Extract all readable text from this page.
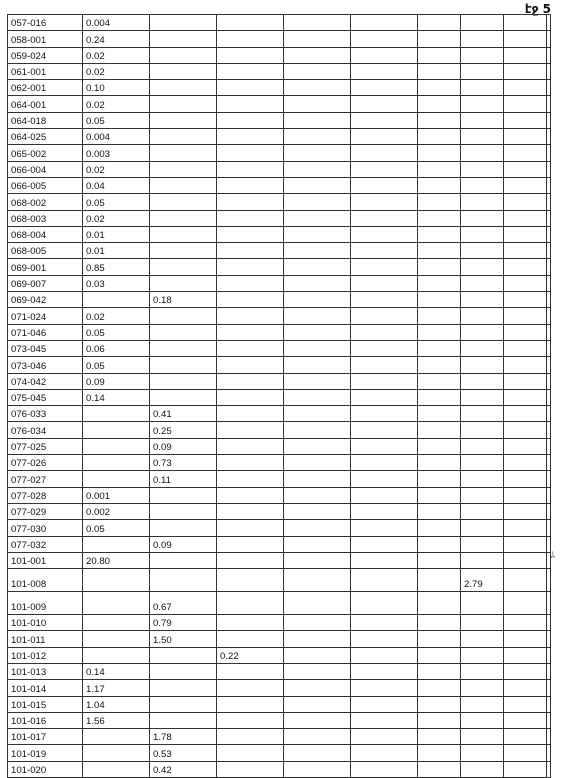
էջ 5
057-016	0.004								
058-001	0.24								
059-024	0.02								
061-001	0.02								
062-001	0.10								
064-001	0.02								
064-018	0.05								
064-025	0.004								
065-002	0.003								
066-004	0.02								
066-005	0.04								
068-002	0.05								
068-003	0.02								
068-004	0.01								
068-005	0.01								
069-001	0.85								
069-007	0.03								
069-042		0.18							
071-024	0.02								
071-046	0.05								
073-045	0.06								
073-046	0.05								
074-042	0.09								
075-045	0.14								
076-033		0.41							
076-034		0.25							
077-025		0.09							
077-026		0.73							
077-027		0.11							
077-028	0.001								
077-029	0.002								
077-030	0.05								
077-032		0.09							
101-001	20.80								
101-008							2.79		
101-009		0.67							
101-010		0.79							
101-011		1.50							
101-012			0.22						
101-013	0.14								
101-014	1.17								
101-015	1.04								
101-016	1.56								
101-017		1.78							
101-019		0.53							
101-020		0.42							
ﾑ
